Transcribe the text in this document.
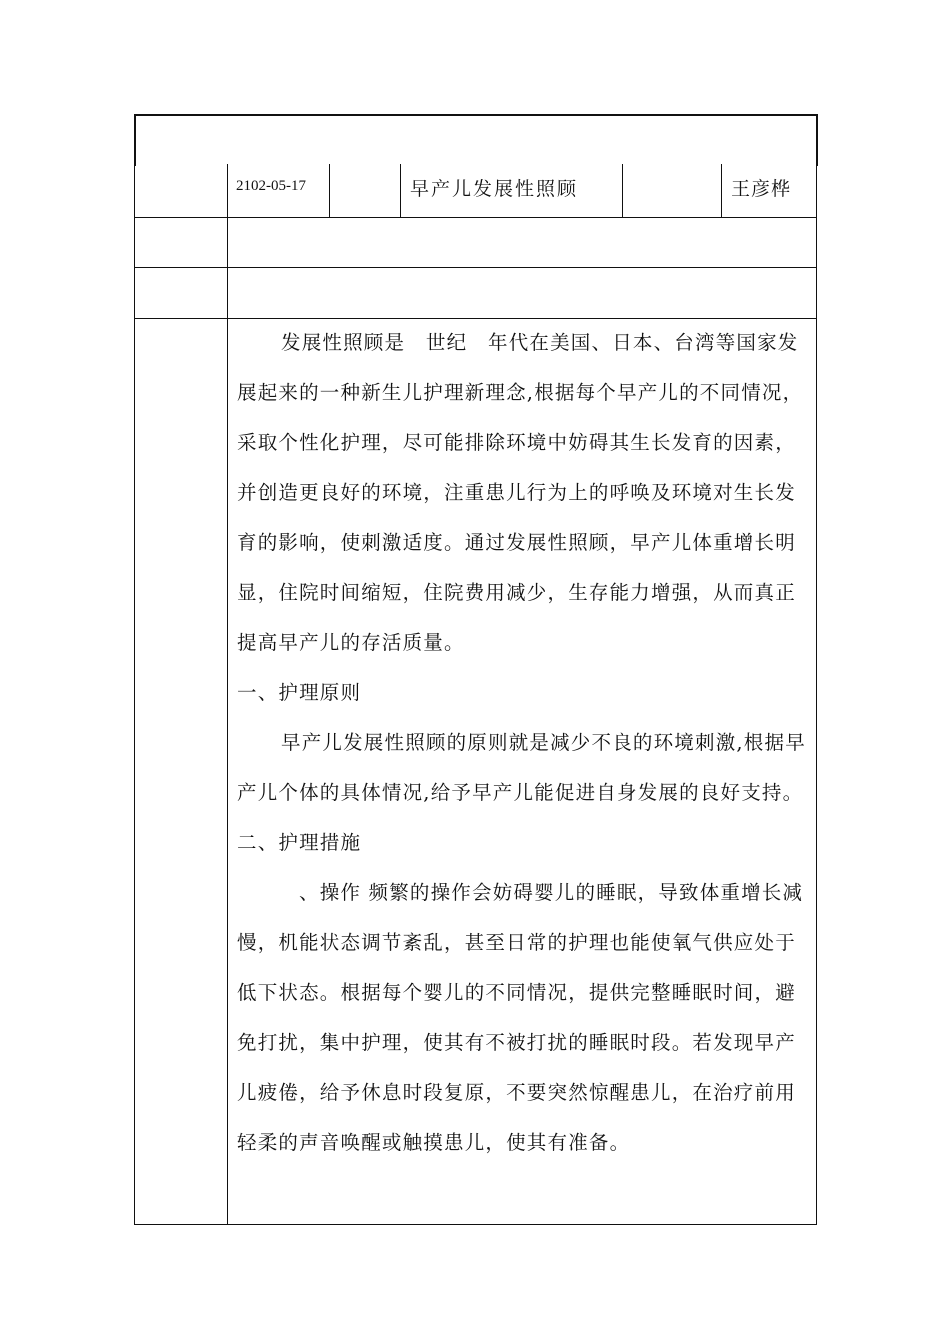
2102-05-17	早产儿发展性照顾	王彦桦

发展性照顾是　世纪　年代在美国、日本、台湾等国家发展起来的一种新生儿护理新理念,根据每个早产儿的不同情况，采取个性化护理，尽可能排除环境中妨碍其生长发育的因素，并创造更良好的环境，注重患儿行为上的呼唤及环境对生长发育的影响，使刺激适度。通过发展性照顾，早产儿体重增长明显，住院时间缩短，住院费用减少，生存能力增强，从而真正提高早产儿的存活质量。

一、护理原则

早产儿发展性照顾的原则就是减少不良的环境刺激,根据早产儿个体的具体情况,给予早产儿能促进自身发展的良好支持。

二、护理措施

、操作 频繁的操作会妨碍婴儿的睡眠，导致体重增长减慢，机能状态调节紊乱，甚至日常的护理也能使氧气供应处于低下状态。根据每个婴儿的不同情况，提供完整睡眠时间，避免打扰，集中护理，使其有不被打扰的睡眠时段。若发现早产儿疲倦，给予休息时段复原，不要突然惊醒患儿，在治疗前用轻柔的声音唤醒或触摸患儿，使其有准备。
